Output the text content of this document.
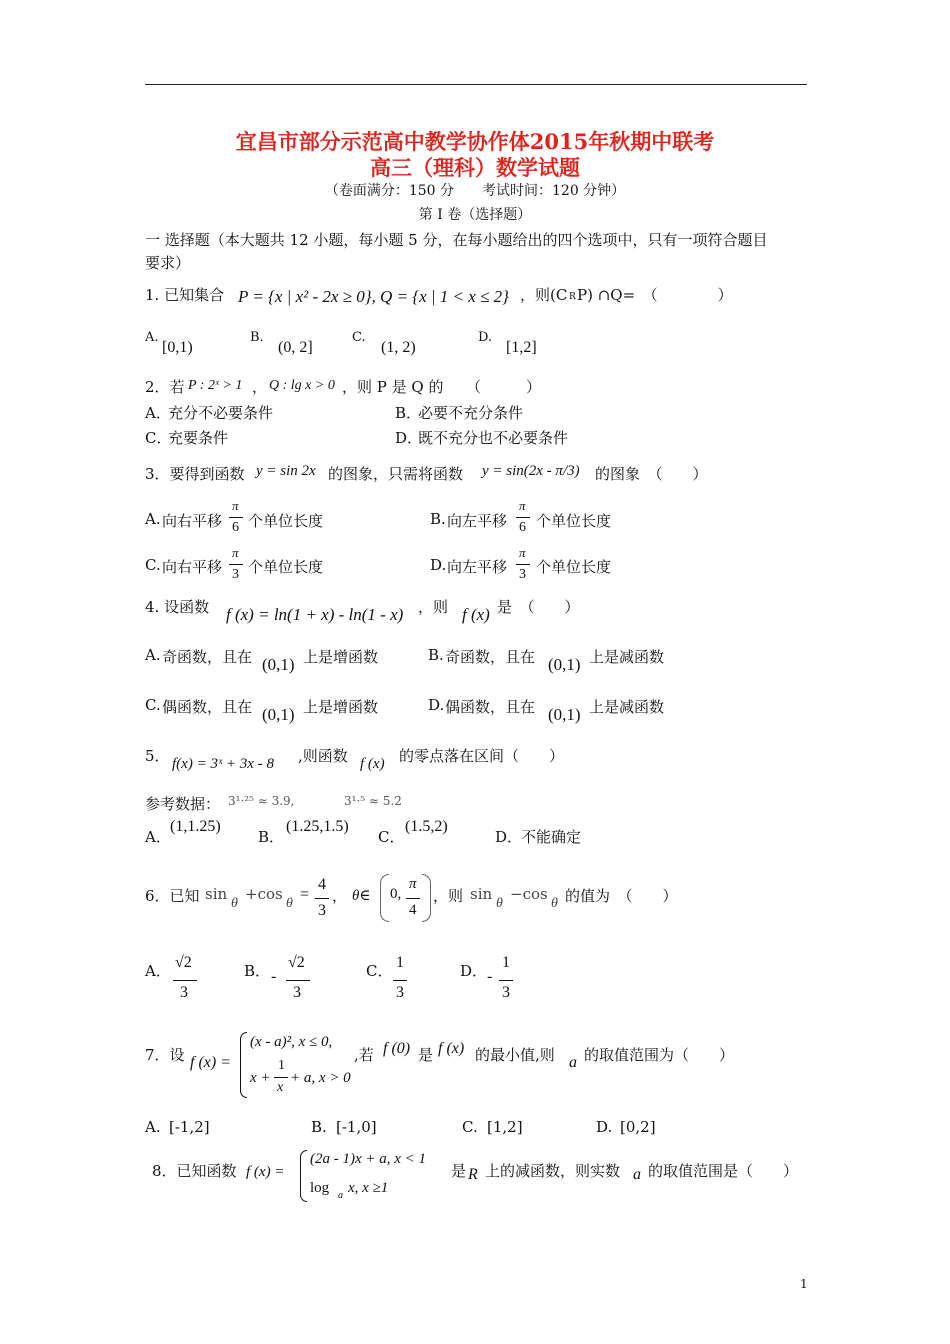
宜昌市部分示范高中教学协作体2015年秋期中联考
高三（理科）数学试题
（卷面满分：150 分　　考试时间：120 分钟）
第 I 卷（选择题）
一 选择题（本大题共 12 小题，每小题 5 分，在每小题给出的四个选项中，只有一项符合题目
要求）
1. 已知集合 P = {x | x² - 2x ≥ 0}, Q = {x | 1 < x ≤ 2} ，则(C R P) ∩Q=　（　　　　）
A.
[0,1)
B.
(0, 2]
C.
(1, 2)
D.
[1,2]
2．若 P : 2ˣ > 1 ， Q : lg x > 0 ，则 P 是 Q 的　　（　　　）
A．
充分不必要条件	B．
必要不充分条件
C．
充要条件	D．
既不充分也不必要条件
3．要得到函数 y = sin 2x 的图象，只需将函数 y = sin(2x - π/3) 的图象　（　　）
A. 向右平移
π
6 个单位长度	B. 向左平移
π
6 个单位长度
C. 向右平移
π
3 个单位长度	D. 向左平移
π
3 个单位长度
4. 设函数 f (x) = ln(1 + x) - ln(1 - x) ，则 f (x) 是　（　　）
A. 奇函数，且在 (0,1) 上是增函数	B. 奇函数，且在 (0,1) 上是减函数
C. 偶函数，且在 (0,1) 上是增函数	D. 偶函数，且在 (0,1) 上是减函数
5． f(x) = 3ˣ + 3x - 8 ,则函数 f (x) 的零点落在区间（　　）
参考数据： 3¹·²⁵ ≈ 3.9,	3¹·⁵ ≈ 5.2
A．
(1,1.25)
B．
(1.25,1.5)
C．
(1.5,2)
D．
不能确定
6．已知 sin
θ
+cos
θ
=
4
3
， θ∈ 0,
π
4
，则 sin
θ
−cos
θ 的值为　（　　）
A． √2
3
B． -
√2
3
C． 1
3
D． -
1
3
7．设 f (x) =
(x - a)², x ≤ 0,
x +
1
x
+ a, x > 0
,若 f (0) 是 f (x) 的最小值,则 a 的取值范围为（　　）
A. [-1,2]	B. [-1,0]	C. [1,2]	D. [0,2]
8．已知函数 f (x) =
(2a - 1)x + a, x < 1
log a x, x ≥1
是 R 上的减函数，则实数 a 的取值范围是（　　）
1
